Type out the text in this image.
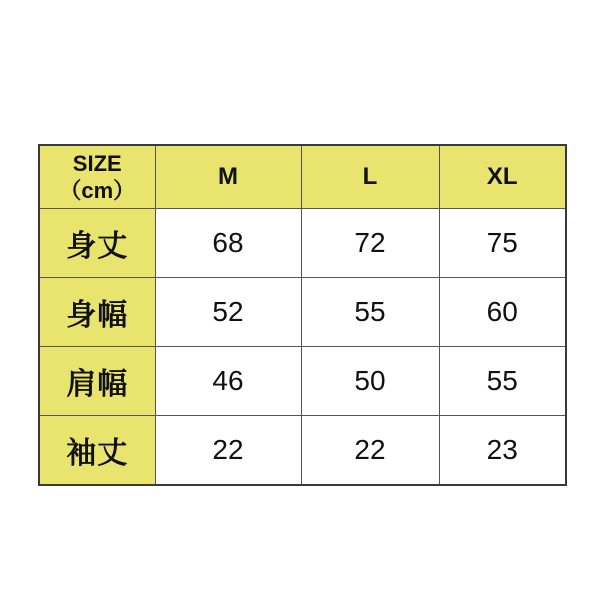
SIZE
（cm）	M	L	XL
身丈	68	72	75
身幅	52	55	60
肩幅	46	50	55
袖丈	22	22	23
